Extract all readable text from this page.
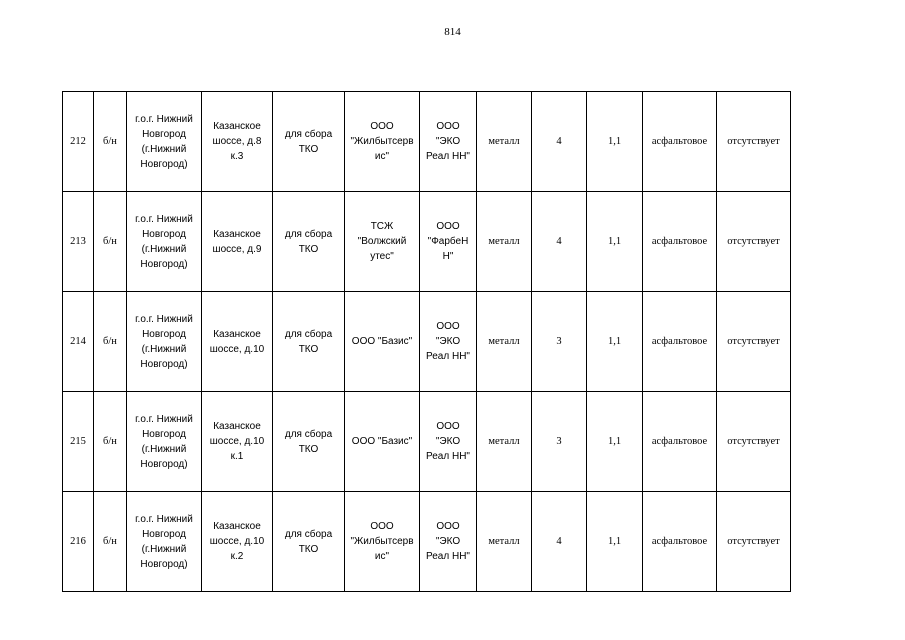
814
212	б/н	г.о.г. Нижний
Новгород
(г.Нижний
Новгород)	Казанское
шоссе, д.8
к.3	для сбора
ТКО	ООО
"Жилбытсерв
ис"	ООО
"ЭКО
Реал НН"	металл	4	1,1	асфальтовое	отсутствует
213	б/н	г.о.г. Нижний
Новгород
(г.Нижний
Новгород)	Казанское
шоссе, д.9	для сбора
ТКО	ТСЖ
"Волжский
утес"	ООО
"ФарбеН
Н"	металл	4	1,1	асфальтовое	отсутствует
214	б/н	г.о.г. Нижний
Новгород
(г.Нижний
Новгород)	Казанское
шоссе, д.10	для сбора
ТКО	ООО "Базис"	ООО
"ЭКО
Реал НН"	металл	3	1,1	асфальтовое	отсутствует
215	б/н	г.о.г. Нижний
Новгород
(г.Нижний
Новгород)	Казанское
шоссе, д.10
к.1	для сбора
ТКО	ООО "Базис"	ООО
"ЭКО
Реал НН"	металл	3	1,1	асфальтовое	отсутствует
216	б/н	г.о.г. Нижний
Новгород
(г.Нижний
Новгород)	Казанское
шоссе, д.10
к.2	для сбора
ТКО	ООО
"Жилбытсерв
ис"	ООО
"ЭКО
Реал НН"	металл	4	1,1	асфальтовое	отсутствует
